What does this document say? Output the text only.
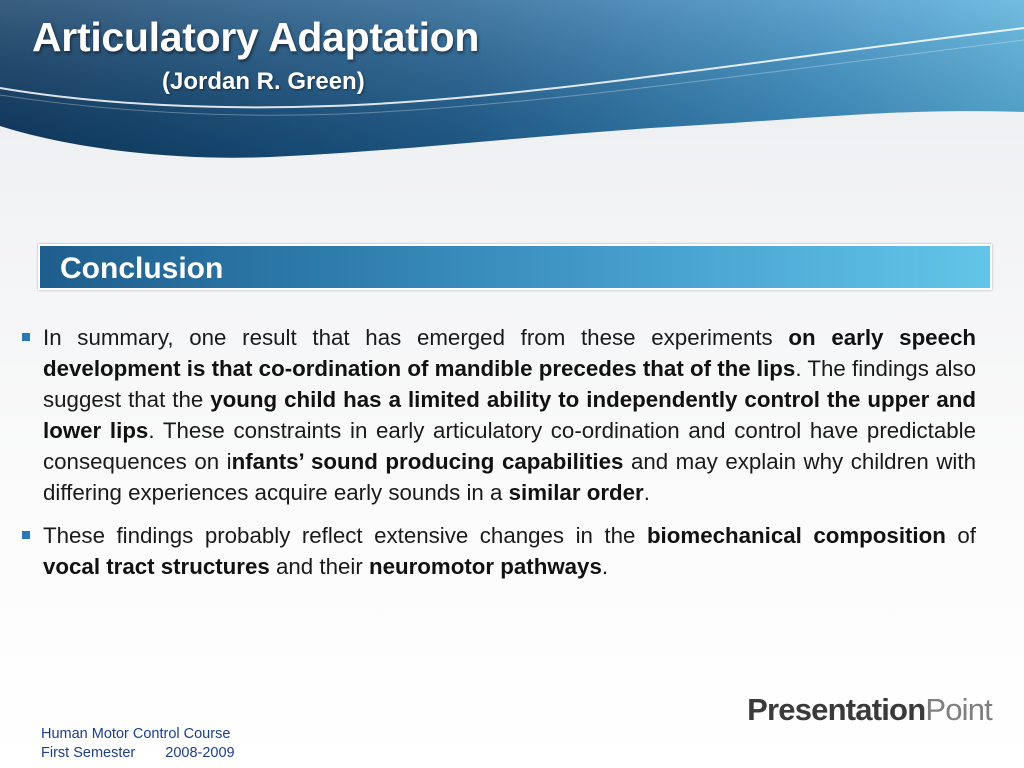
Articulatory Adaptation
(Jordan R. Green)
Conclusion

In summary, one result that has emerged from these experiments on early speech development is that co-ordination of mandible precedes that of the lips. The findings also suggest that the young child has a limited ability to independently control the upper and lower lips. These constraints in early articulatory co-ordination and control have predictable consequences on infants’ sound producing capabilities and may explain why children with differing experiences acquire early sounds in a similar order.

These findings probably reflect extensive changes in the biomechanical composition of vocal tract structures and their neuromotor pathways.

Human Motor Control Course
First Semester 2008-2009
PresentationPoint
